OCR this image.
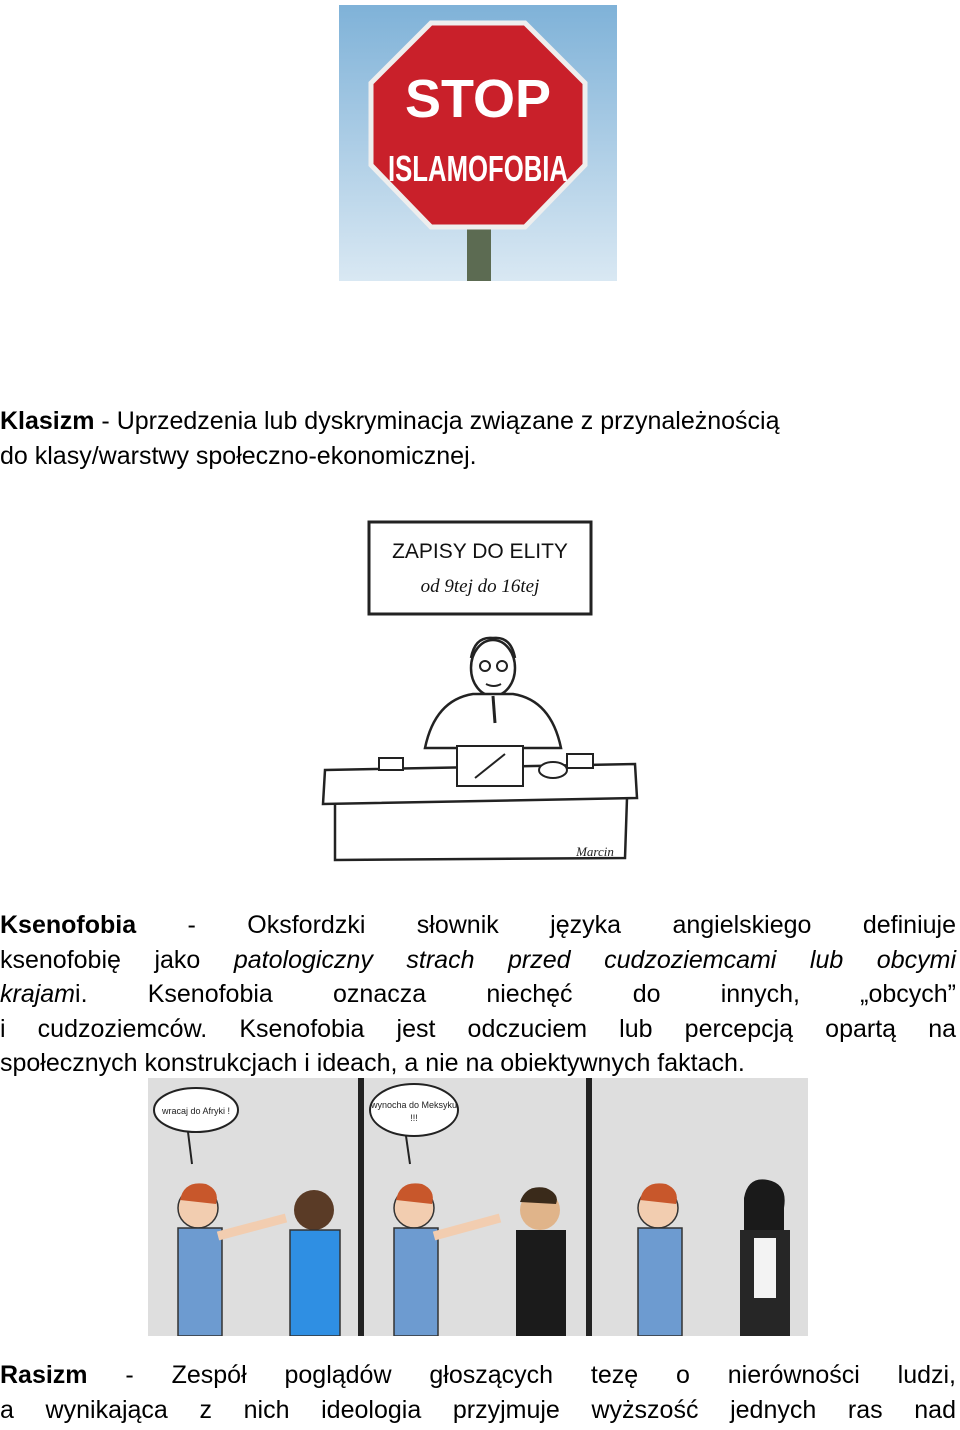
STOP
ISLAMOFOBIA
Klasizm - Uprzedzenia lub dyskryminacja związane z przynależnością
do klasy/warstwy społeczno-ekonomicznej.
ZAPISY DO ELITY
od 9tej do 16tej
Marcin
Ksenofobia - Oksfordzki słownik języka angielskiego definiuje
ksenofobię jako patologiczny strach przed cudzoziemcami lub obcymi
krajami. Ksenofobia oznacza niechęć do innych, „obcych”
i cudzoziemców. Ksenofobia jest odczuciem lub percepcją opartą na
społecznych konstrukcjach i ideach, a nie na obiektywnych faktach.
wracaj do Afryki !
wynocha do Meksyku
!!!
Rasizm - Zespół poglądów głoszących tezę o nierówności ludzi,
a wynikająca z nich ideologia przyjmuje wyższość jednych ras nad
